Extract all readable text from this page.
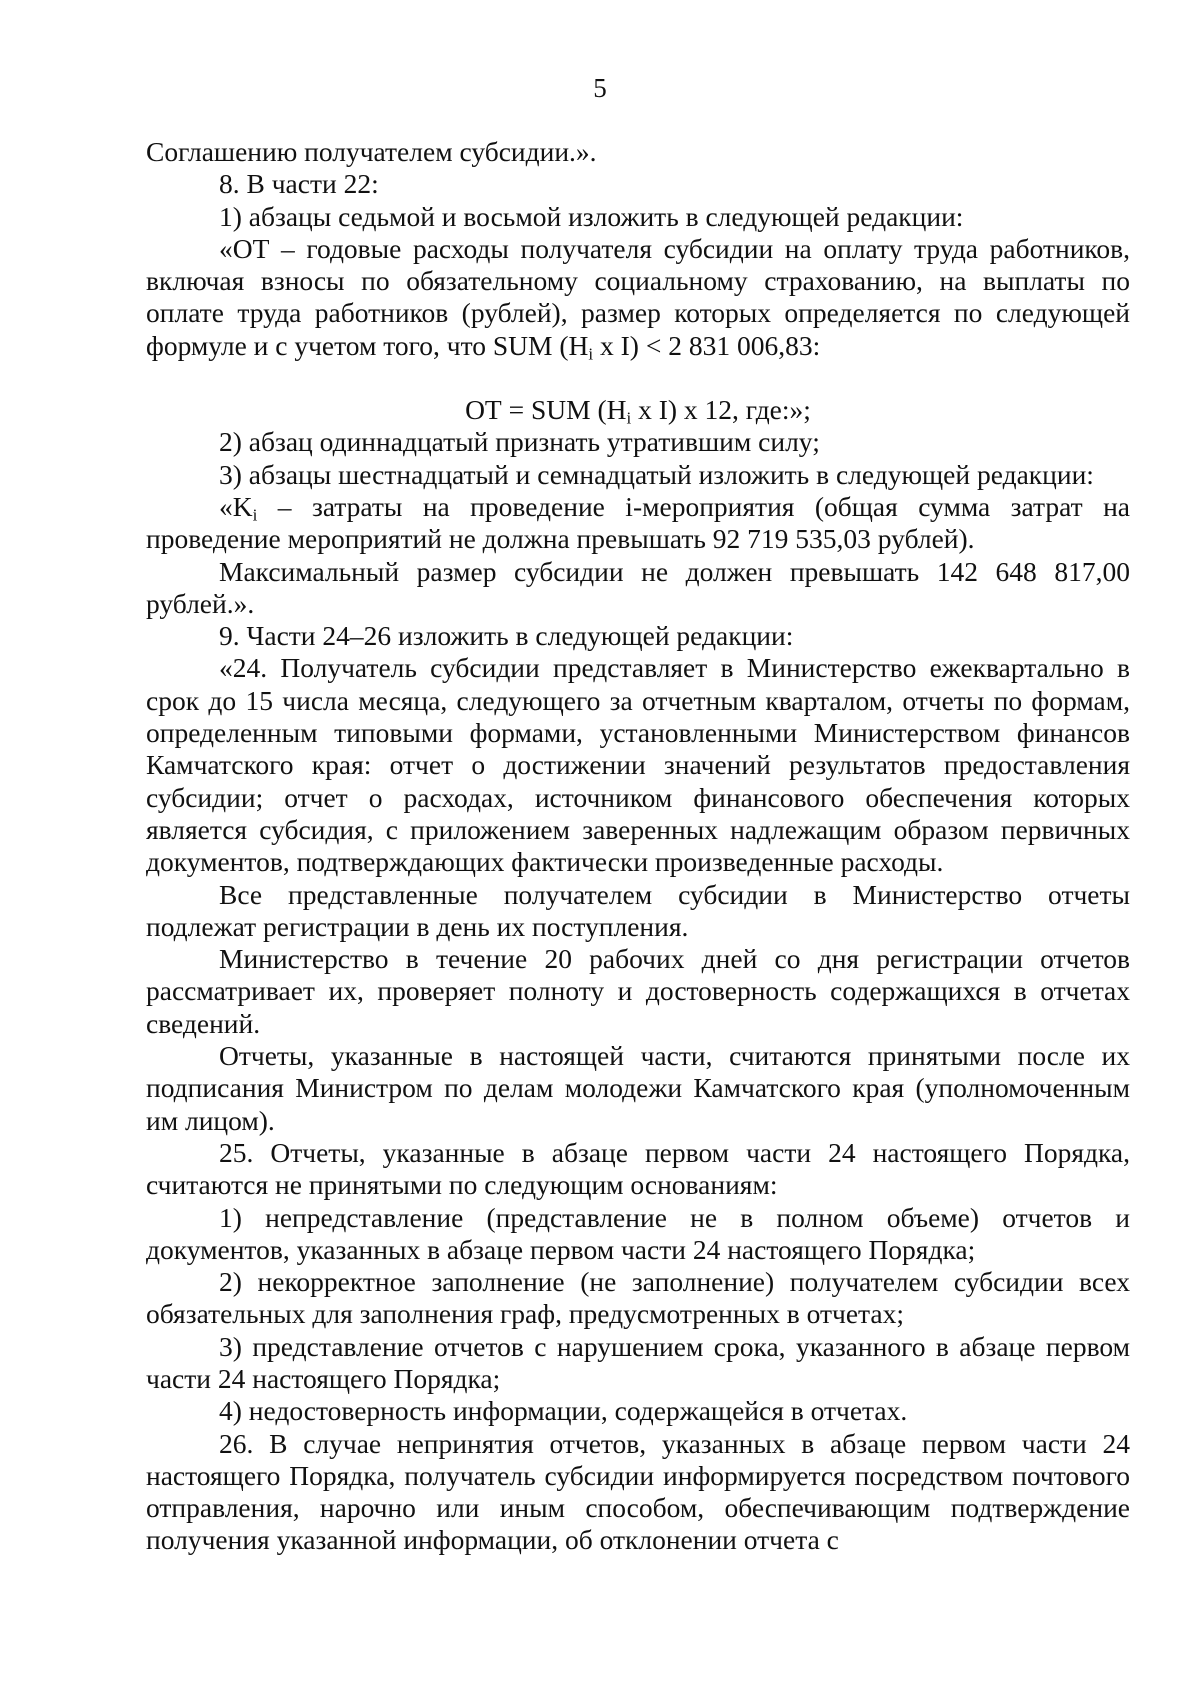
5

Соглашению получателем субсидии.».

8. В части 22:

1) абзацы седьмой и восьмой изложить в следующей редакции:

«ОТ – годовые расходы получателя субсидии на оплату труда работников, включая взносы по обязательному социальному страхованию, на выплаты по оплате труда работников (рублей), размер которых определяется по следующей формуле и с учетом того, что SUM ($H_i$ x I) < 2 831 006,83:

ОТ = SUM ($H_i$ x I) x 12, где:»;

2) абзац одиннадцатый признать утратившим силу;

3) абзацы шестнадцатый и семнадцатый изложить в следующей редакции:

«$K_i$ – затраты на проведение i-мероприятия (общая сумма затрат на проведение мероприятий не должна превышать 92 719 535,03 рублей).

Максимальный размер субсидии не должен превышать 142 648 817,00 рублей.».

9. Части 24–26 изложить в следующей редакции:

«24. Получатель субсидии представляет в Министерство ежеквартально в срок до 15 числа месяца, следующего за отчетным кварталом, отчеты по формам, определенным типовыми формами, установленными Министерством финансов Камчатского края: отчет о достижении значений результатов предоставления субсидии; отчет о расходах, источником финансового обеспечения которых является субсидия, с приложением заверенных надлежащим образом первичных документов, подтверждающих фактически произведенные расходы.

Все представленные получателем субсидии в Министерство отчеты подлежат регистрации в день их поступления.

Министерство в течение 20 рабочих дней со дня регистрации отчетов рассматривает их, проверяет полноту и достоверность содержащихся в отчетах сведений.

Отчеты, указанные в настоящей части, считаются принятыми после их подписания Министром по делам молодежи Камчатского края (уполномоченным им лицом).

25. Отчеты, указанные в абзаце первом части 24 настоящего Порядка, считаются не принятыми по следующим основаниям:

1) непредставление (представление не в полном объеме) отчетов и документов, указанных в абзаце первом части 24 настоящего Порядка;

2) некорректное заполнение (не заполнение) получателем субсидии всех обязательных для заполнения граф, предусмотренных в отчетах;

3) представление отчетов с нарушением срока, указанного в абзаце первом части 24 настоящего Порядка;

4) недостоверность информации, содержащейся в отчетах.

26. В случае непринятия отчетов, указанных в абзаце первом части 24 настоящего Порядка, получатель субсидии информируется посредством почтового отправления, нарочно или иным способом, обеспечивающим подтверждение получения указанной информации, об отклонении отчета с
